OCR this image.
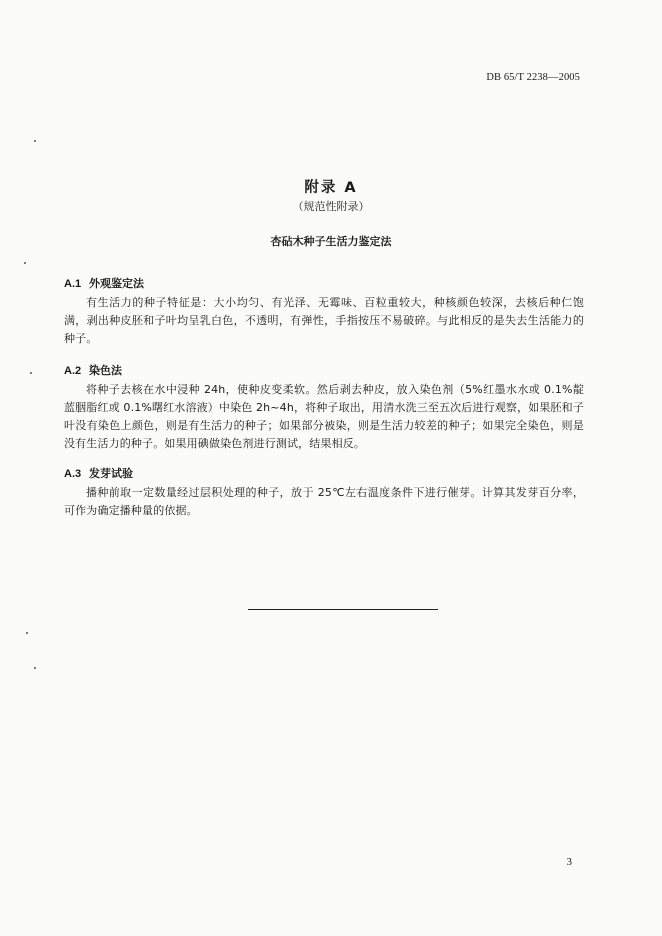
DB 65/T 2238—2005
附录 A
（规范性附录）
杏砧木种子生活力鉴定法
A.1 外观鉴定法

有生活力的种子特征是：大小均匀、有光泽、无霉味、百粒重较大，种核颜色较深，去核后种仁饱满，剥出种皮胚和子叶均呈乳白色，不透明，有弹性，手指按压不易破碎。与此相反的是失去生活能力的种子。

A.2 染色法

将种子去核在水中浸种 24h，使种皮变柔软。然后剥去种皮，放入染色剂（5%红墨水水或 0.1%靛蓝胭脂红或 0.1%曙红水溶液）中染色 2h~4h，将种子取出，用清水洗三至五次后进行观察，如果胚和子叶没有染色上颜色，则是有生活力的种子；如果部分被染，则是生活力较差的种子；如果完全染色，则是没有生活力的种子。如果用碘做染色剂进行测试，结果相反。

A.3 发芽试验

播种前取一定数量经过层积处理的种子，放于 25℃左右温度条件下进行催芽。计算其发芽百分率，可作为确定播种量的依据。

3
